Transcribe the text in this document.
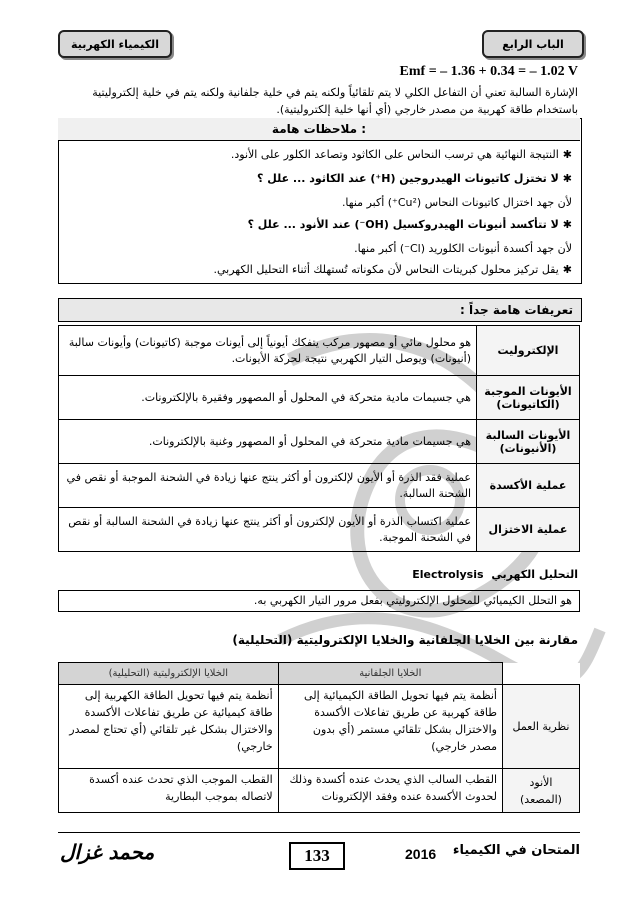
الكيمياء الكهربية	الباب الرابع
Emf = – 1.36 + 0.34 = – 1.02 V
الإشارة السالبة تعني أن التفاعل الكلي لا يتم تلقائياً ولكنه يتم في خلية جلفانية ولكنه يتم في خلية إلكتروليتية
باستخدام طاقة كهربية من مصدر خارجي (أي أنها خلية إلكتروليتية).
ملاحظات هامة :
✱النتيجة النهائية هي ترسب النحاس على الكاثود وتصاعد الكلور على الأنود.
✱لا تختزل كاتيونات الهيدروجين (H⁺) عند الكاثود ... علل ؟
لأن جهد اختزال كاتيونات النحاس (Cu²⁺) أكبر منها.
✱لا تتأكسد أنيونات الهيدروكسيل (OH⁻) عند الأنود ... علل ؟
لأن جهد أكسدة أنيونات الكلوريد (Cl⁻) أكبر منها.
✱يقل تركيز محلول كبريتات النحاس لأن مكوناته تُستهلك أثناء التحليل الكهربي.
تعريفات هامة جداً :
الإلكتروليت	هو محلول مائي أو مصهور مركب يتفكك أيونياً إلى أيونات موجبة (كاتيونات) وأيونات سالبة (أنيونات) ويوصل التيار الكهربي نتيجة لحركة الأيونات.
الأيونات الموجبة (الكاتيونات)	هي جسيمات مادية متحركة في المحلول أو المصهور وفقيرة بالإلكترونات.
الأيونات السالبة (الأنيونات)	هي جسيمات مادية متحركة في المحلول أو المصهور وغنية بالإلكترونات.
عملية الأكسدة	عملية فقد الذرة أو الأيون لإلكترون أو أكثر ينتج عنها زيادة في الشحنة الموجبة أو نقص في الشحنة السالبة.
عملية الاختزال	عملية اكتساب الذرة أو الأيون لإلكترون أو أكثر ينتج عنها زيادة في الشحنة السالبة أو نقص في الشحنة الموجبة.
التحليل الكهربي Electrolysis
هو التحلل الكيميائي للمحلول الإلكتروليتي بفعل مرور التيار الكهربي به.
مقارنة بين الخلايا الجلفانية والخلايا الإلكتروليتية (التحليلية)
	الخلايا الجلفانية	الخلايا الإلكتروليتية (التحليلية)
نظرية العمل	أنظمة يتم فيها تحويل الطاقة الكيميائية إلى طاقة كهربية عن طريق تفاعلات الأكسدة والاختزال بشكل تلقائي مستمر (أي بدون مصدر خارجي)	أنظمة يتم فيها تحويل الطاقة الكهربية إلى طاقة كيميائية عن طريق تفاعلات الأكسدة والاختزال بشكل غير تلقائي (أي تحتاج لمصدر خارجي)
الأنود (المصعد)	القطب السالب الذي يحدث عنده أكسدة وذلك لحدوث الأكسدة عنده وفقد الإلكترونات	القطب الموجب الذي تحدث عنده أكسدة لاتصاله بموجب البطارية
133	2016 المتحان في الكيمياء
محمد غزال
